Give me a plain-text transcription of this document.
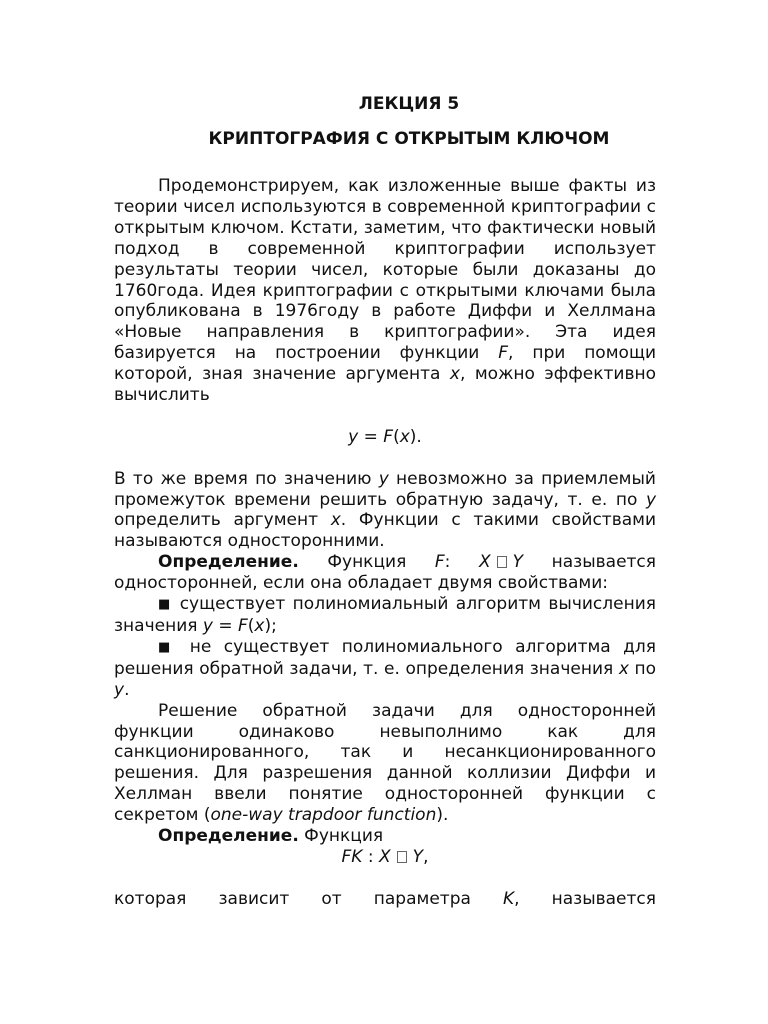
ЛЕКЦИЯ 5

КРИПТОГРАФИЯ С ОТКРЫТЫМ КЛЮЧОМ

Продемонстрируем, как изложенные выше факты из теории чисел используются в современной криптографии с открытым ключом. Кстати, заметим, что фактически новый подход в современной криптографии использует результаты теории чисел, которые были доказаны до 1760года. Идея криптографии с открытыми ключами была опубликована в 1976году в работе Диффи и Хеллмана «Новые направления в криптографии». Эта идея базируется на построении функции F, при помощи которой, зная значение аргумента x, можно эффективно вычислить

y = F(x).

В то же время по значению y невозможно за приемлемый промежуток времени решить обратную задачу, т. е. по y определить аргумент x. Функции с такими свойствами называются односторонними.

Определение. Функция F: X Y называется односторонней, если она обладает двумя свойствами:

■ существует полиномиальный алгоритм вычисления значения y = F(x);

■ не существует полиномиального алгоритма для решения обратной задачи, т. е. определения значения x по y.

Решение обратной задачи для односторонней функции одинаково невыполнимо как для санкционированного, так и несанкционированного решения. Для разрешения данной коллизии Диффи и Хеллман ввели понятие односторонней функции с секретом (one-way trapdoor function).

Определение. Функция

FK : X Y,

которая зависит от параметра K, называется
